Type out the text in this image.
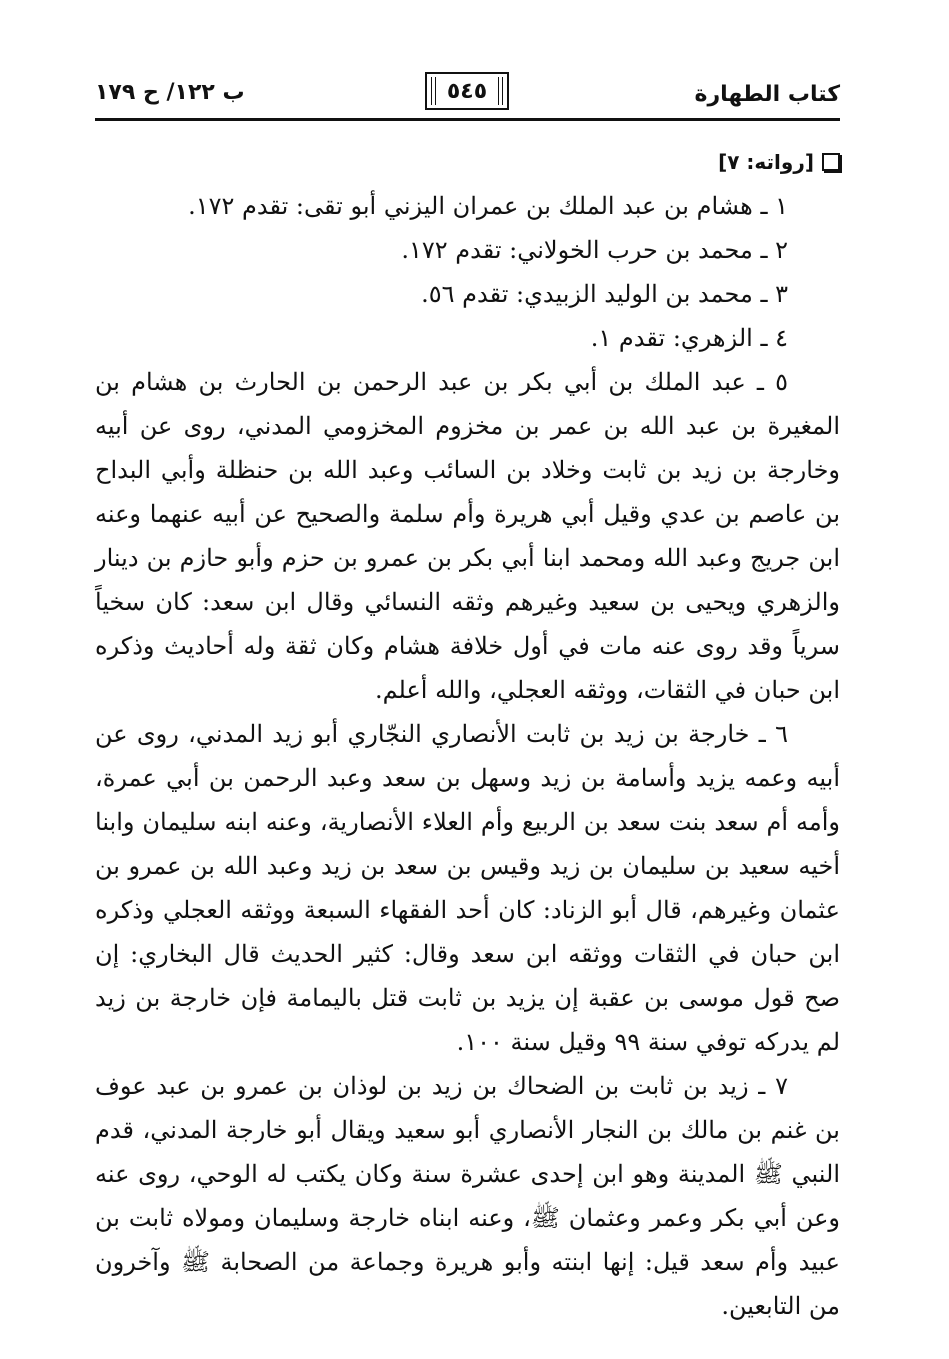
كتاب الطهارة
٥٤٥
ب ١٢٢/ ح ١٧٩
[رواته: ٧]
١ ـ هشام بن عبد الملك بن عمران اليزني أبو تقى: تقدم ١٧٢.
٢ ـ محمد بن حرب الخولاني: تقدم ١٧٢.
٣ ـ محمد بن الوليد الزبيدي: تقدم ٥٦.
٤ ـ الزهري: تقدم ١.

٥ ـ عبد الملك بن أبي بكر بن عبد الرحمن بن الحارث بن هشام بن المغيرة بن عبد الله بن عمر بن مخزوم المخزومي المدني، روى عن أبيه وخارجة بن زيد بن ثابت وخلاد بن السائب وعبد الله بن حنظلة وأبي البداح بن عاصم بن عدي وقيل أبي هريرة وأم سلمة والصحيح عن أبيه عنهما وعنه ابن جريج وعبد الله ومحمد ابنا أبي بكر بن عمرو بن حزم وأبو حازم بن دينار والزهري ويحيى بن سعيد وغيرهم وثقه النسائي وقال ابن سعد: كان سخياً سرياً وقد روى عنه مات في أول خلافة هشام وكان ثقة وله أحاديث وذكره ابن حبان في الثقات، ووثقه العجلي، والله أعلم.

٦ ـ خارجة بن زيد بن ثابت الأنصاري النجّاري أبو زيد المدني، روى عن أبيه وعمه يزيد وأسامة بن زيد وسهل بن سعد وعبد الرحمن بن أبي عمرة، وأمه أم سعد بنت سعد بن الربيع وأم العلاء الأنصارية، وعنه ابنه سليمان وابنا أخيه سعيد بن سليمان بن زيد وقيس بن سعد بن زيد وعبد الله بن عمرو بن عثمان وغيرهم، قال أبو الزناد: كان أحد الفقهاء السبعة ووثقه العجلي وذكره ابن حبان في الثقات ووثقه ابن سعد وقال: كثير الحديث قال البخاري: إن صح قول موسى بن عقبة إن يزيد بن ثابت قتل باليمامة فإن خارجة بن زيد لم يدركه توفي سنة ٩٩ وقيل سنة ١٠٠.

٧ ـ زيد بن ثابت بن الضحاك بن زيد بن لوذان بن عمرو بن عبد عوف بن غنم بن مالك بن النجار الأنصاري أبو سعيد ويقال أبو خارجة المدني، قدم النبي ﷺ المدينة وهو ابن إحدى عشرة سنة وكان يكتب له الوحي، روى عنه وعن أبي بكر وعمر وعثمان ﷺ، وعنه ابناه خارجة وسليمان ومولاه ثابت بن عبيد وأم سعد قيل: إنها ابنته وأبو هريرة وجماعة من الصحابة ﷺ وآخرون من التابعين.
